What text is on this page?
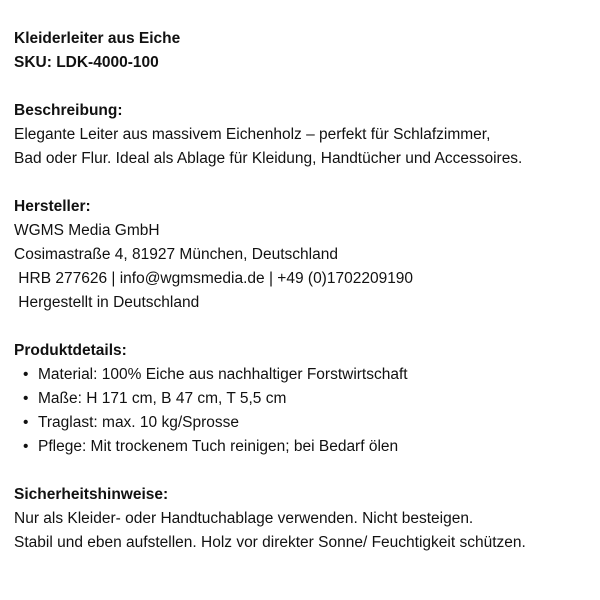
Kleiderleiter aus Eiche
SKU: LDK-4000-100
Beschreibung:
Elegante Leiter aus massivem Eichenholz – perfekt für Schlafzimmer,
Bad oder Flur. Ideal als Ablage für Kleidung, Handtücher und Accessoires.
Hersteller:
WGMS Media GmbH
Cosimastraße 4, 81927 München, Deutschland
HRB 277626 | info@wgmsmedia.de | +49 (0)1702209190
Hergestellt in Deutschland
Produktdetails:
• Material: 100% Eiche aus nachhaltiger Forstwirtschaft
• Maße: H 171 cm, B 47 cm, T 5,5 cm
• Traglast: max. 10 kg/Sprosse
• Pflege: Mit trockenem Tuch reinigen; bei Bedarf ölen
Sicherheitshinweise:
Nur als Kleider- oder Handtuchablage verwenden. Nicht besteigen.
Stabil und eben aufstellen. Holz vor direkter Sonne/ Feuchtigkeit schützen.
